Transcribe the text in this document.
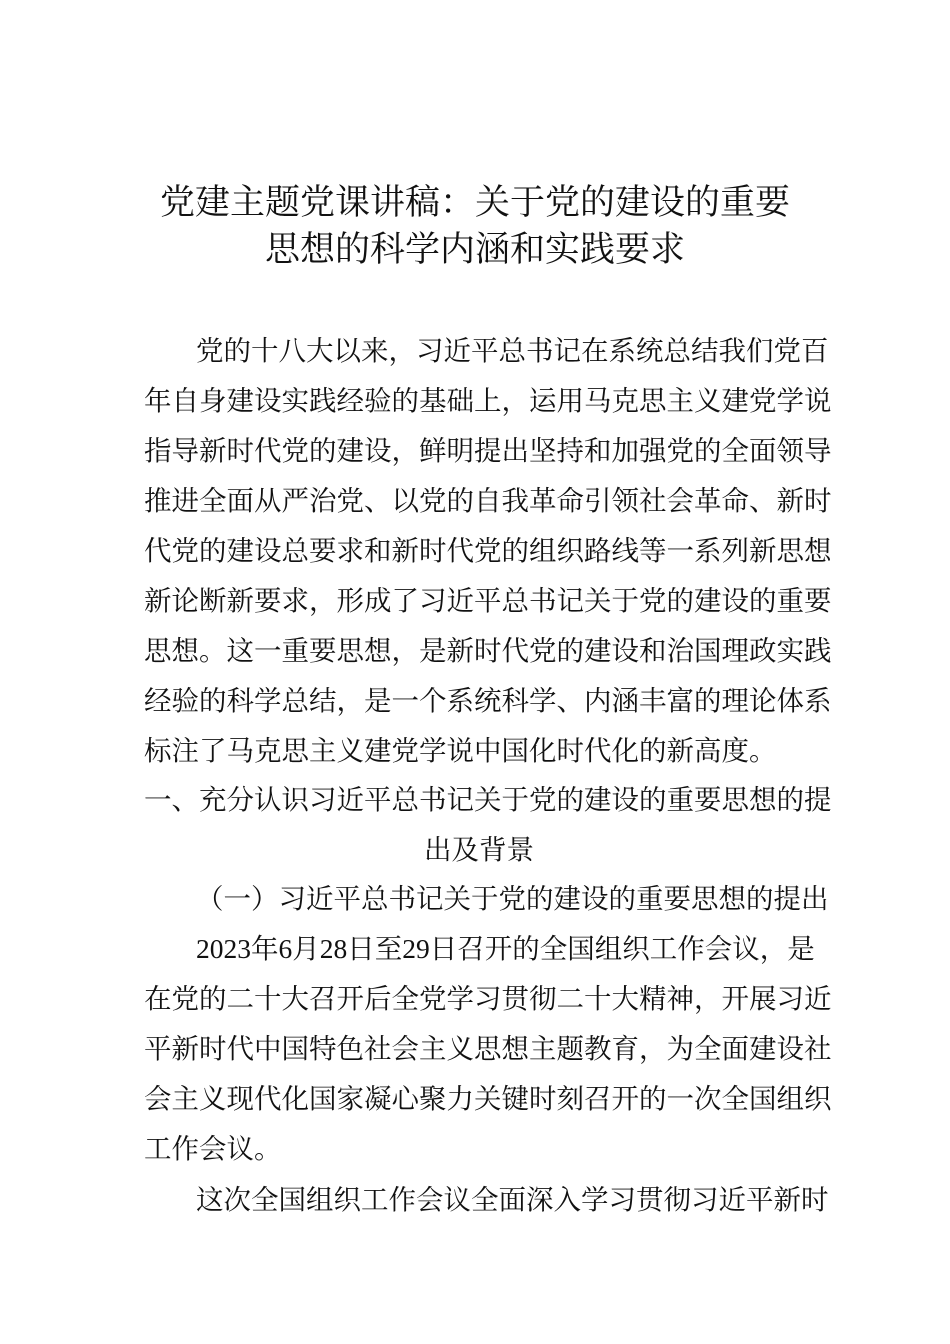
党建主题党课讲稿：关于党的建设的重要
思想的科学内涵和实践要求
党的十八大以来，习近平总书记在系统总结我们党百
年自身建设实践经验的基础上，运用马克思主义建党学说
指导新时代党的建设，鲜明提出坚持和加强党的全面领导
推进全面从严治党、以党的自我革命引领社会革命、新时
代党的建设总要求和新时代党的组织路线等一系列新思想
新论断新要求，形成了习近平总书记关于党的建设的重要
思想。这一重要思想，是新时代党的建设和治国理政实践
经验的科学总结，是一个系统科学、内涵丰富的理论体系
标注了马克思主义建党学说中国化时代化的新高度。
一、充分认识习近平总书记关于党的建设的重要思想的提
出及背景
（一）习近平总书记关于党的建设的重要思想的提出
2023年6月28日至29日召开的全国组织工作会议，是
在党的二十大召开后全党学习贯彻二十大精神，开展习近
平新时代中国特色社会主义思想主题教育，为全面建设社
会主义现代化国家凝心聚力关键时刻召开的一次全国组织
工作会议。
这次全国组织工作会议全面深入学习贯彻习近平新时
